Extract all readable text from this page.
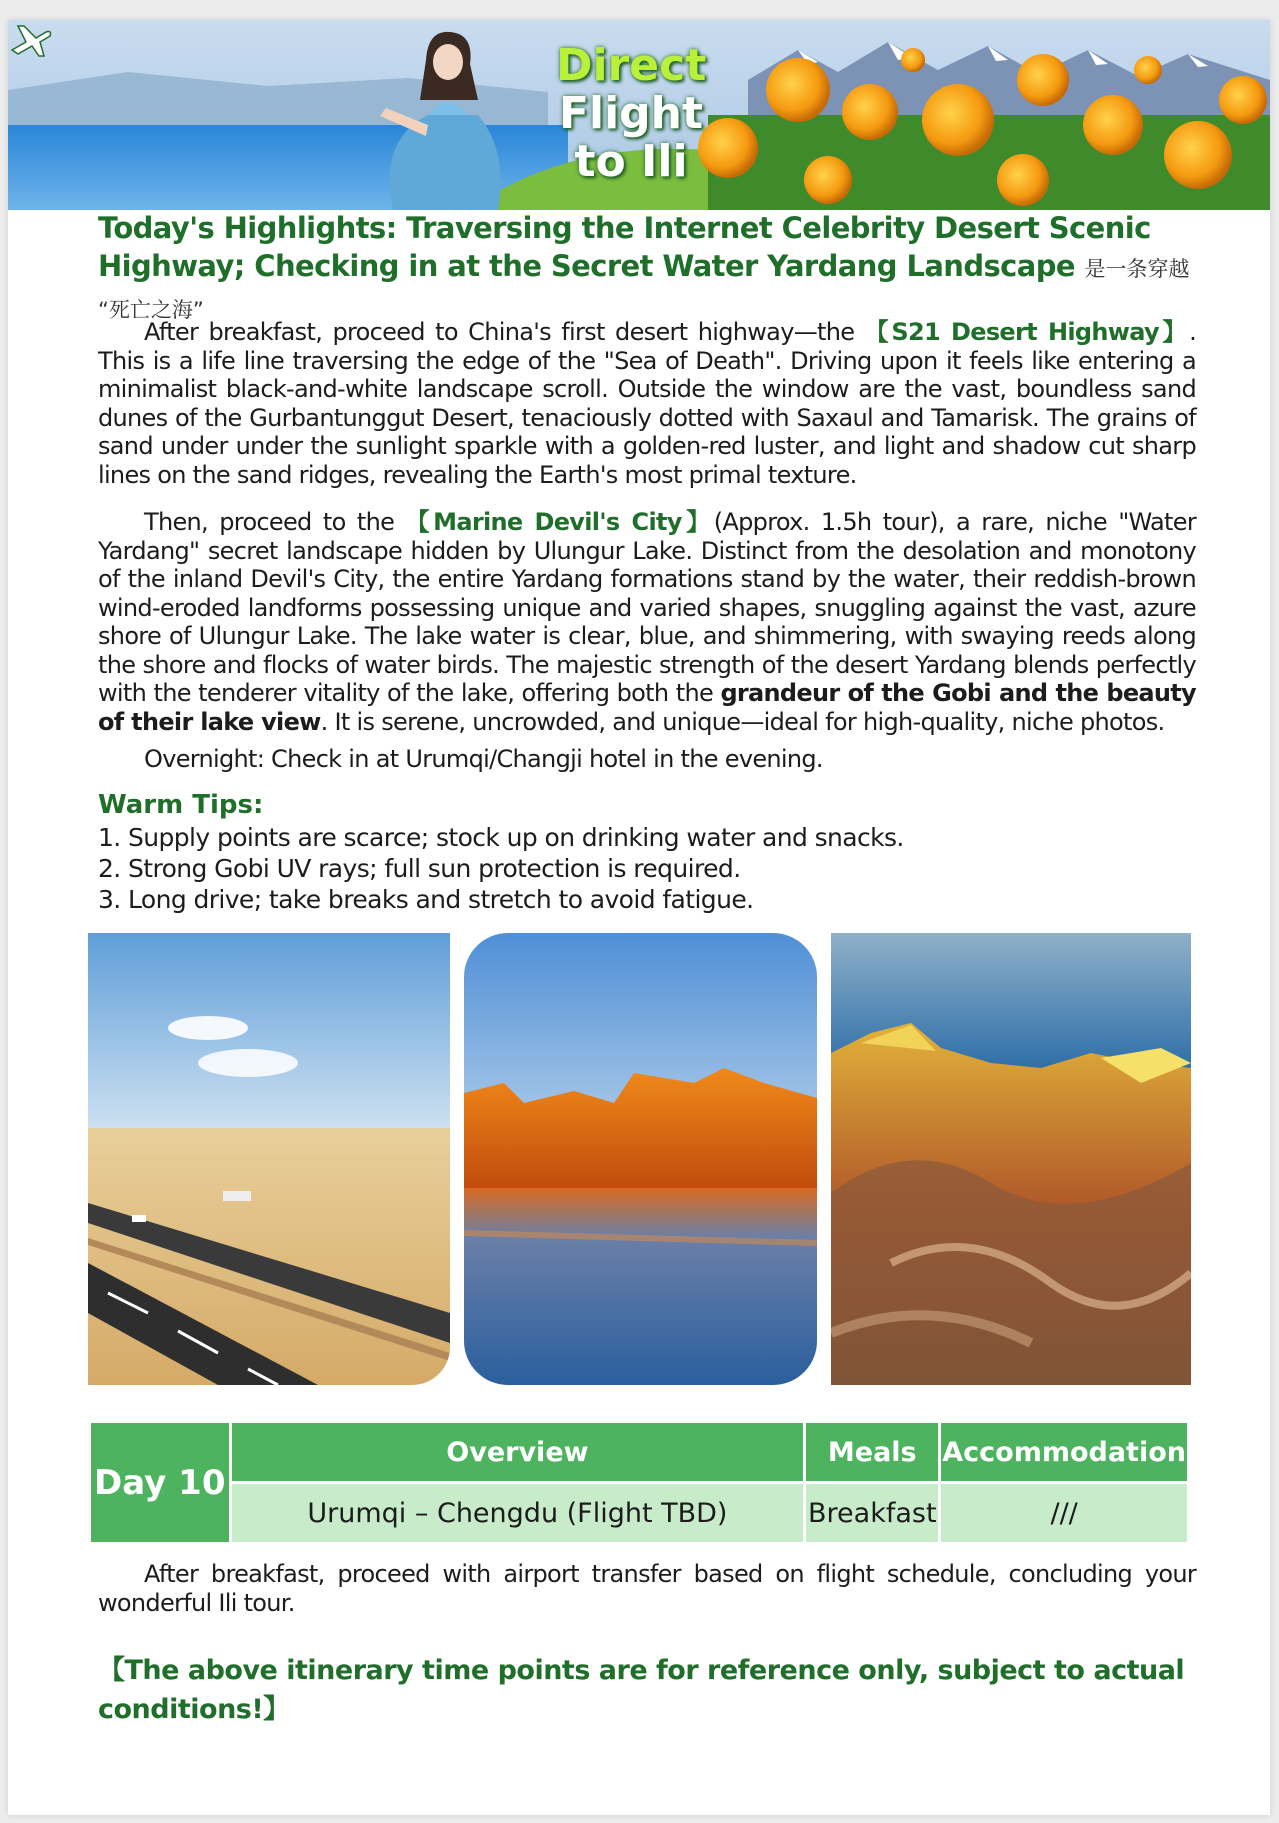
Direct
Flight
to Ili
Today's Highlights: Traversing the Internet Celebrity Desert Scenic Highway; Checking in at the Secret Water Yardang Landscape 是一条穿越 “死亡之海”
After breakfast, proceed to China's first desert highway—the 【S21 Desert Highway】. This is a life line traversing the edge of the "Sea of Death". Driving upon it feels like entering a minimalist black-and-white landscape scroll. Outside the window are the vast, boundless sand dunes of the Gurbantunggut Desert, tenaciously dotted with Saxaul and Tamarisk. The grains of sand under under the sunlight sparkle with a golden-red luster, and light and shadow cut sharp lines on the sand ridges, revealing the Earth's most primal texture.
Then, proceed to the 【Marine Devil's City】(Approx. 1.5h tour), a rare, niche "Water Yardang" secret landscape hidden by Ulungur Lake. Distinct from the desolation and monotony of the inland Devil's City, the entire Yardang formations stand by the water, their reddish-brown wind-eroded landforms possessing unique and varied shapes, snuggling against the vast, azure shore of Ulungur Lake. The lake water is clear, blue, and shimmering, with swaying reeds along the shore and flocks of water birds. The majestic strength of the desert Yardang blends perfectly with the tenderer vitality of the lake, offering both the grandeur of the Gobi and the beauty of their lake view. It is serene, uncrowded, and unique—ideal for high-quality, niche photos.
Overnight: Check in at Urumqi/Changji hotel in the evening.
Warm Tips:
1. Supply points are scarce; stock up on drinking water and snacks.
2. Strong Gobi UV rays; full sun protection is required.
3. Long drive; take breaks and stretch to avoid fatigue.
Day 10	Overview	Meals	Accommodation
	Urumqi – Chengdu (Flight TBD)	Breakfast	///
After breakfast, proceed with airport transfer based on flight schedule, concluding your wonderful Ili tour.
【The above itinerary time points are for reference only, subject to actual conditions!】
